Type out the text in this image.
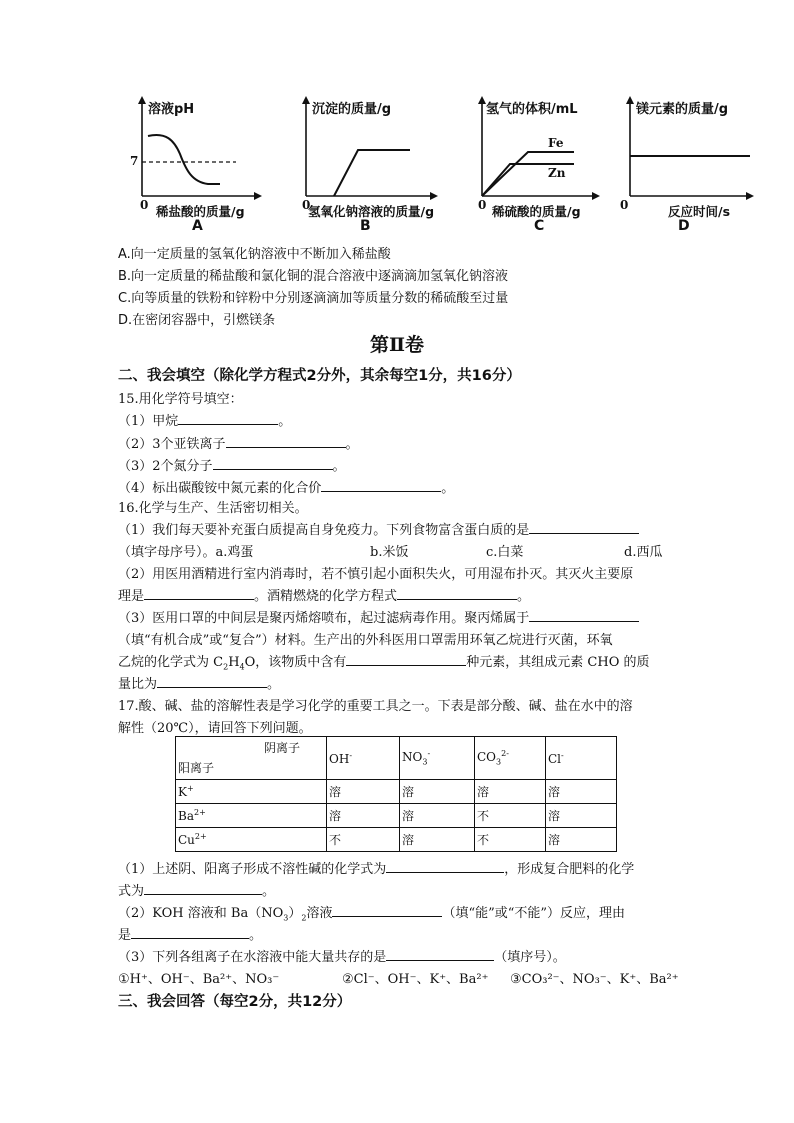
溶液pH
7
0 稀盐酸的质量/g
A
沉淀的质量/g
0
氢氧化钠溶液的质量/g
B
氢气的体积/mL
Fe
Zn
0 稀硫酸的质量/g
C
镁元素的质量/g
0	反应时间/s
D
A.向一定质量的氢氧化钠溶液中不断加入稀盐酸
B.向一定质量的稀盐酸和氯化铜的混合溶液中逐滴滴加氢氧化钠溶液
C.向等质量的铁粉和锌粉中分别逐滴滴加等质量分数的稀硫酸至过量
D.在密闭容器中，引燃镁条
第Ⅱ卷
二、我会填空（除化学方程式2分外，其余每空1分，共16分）
15.用化学符号填空：
（1）甲烷	。
（2）3个亚铁离子	。
（3）2个氮分子	。
（4）标出碳酸铵中氮元素的化合价	。
16.化学与生产、生活密切相关。
（1）我们每天要补充蛋白质提高自身免疫力。下列食物富含蛋白质的是
（填字母序号）。a.鸡蛋	b.米饭	c.白菜	d.西瓜
（2）用医用酒精进行室内消毒时，若不慎引起小面积失火，可用湿布扑灭。其灭火主要原
理是	。酒精燃烧的化学方程式	。
（3）医用口罩的中间层是聚丙烯熔喷布，起过滤病毒作用。聚丙烯属于
（填“有机合成”或“复合”）材料。生产出的外科医用口罩需用环氧乙烷进行灭菌，环氧
乙烷的化学式为 $C_2H_4O$，该物质中含有	种元素，其组成元素 CHO 的质
量比为	。
17.酸、碱、盐的溶解性表是学习化学的重要工具之一。下表是部分酸、碱、盐在水中的溶
解性（20℃），请回答下列问题。
阴离子
阳离子	OH-	$NO_3^-$	$CO_3^{2-}$	Cl-
K+	溶	溶	溶	溶
$Ba^{2+}$	溶	溶	不	溶
$Cu^{2+}$	不	溶	不	溶
（1）上述阴、阳离子形成不溶性碱的化学式为	，形成复合肥料的化学
式为	。
（2）KOH 溶液和 $Ba(NO_3)_2$溶液	（填“能”或“不能”）反应，理由
是	。
（3）下列各组离子在水溶液中能大量共存的是	（填序号）。
①H⁺、OH⁻、Ba²⁺、NO₃⁻	②Cl⁻、OH⁻、K⁺、Ba²⁺ ③CO₃²⁻、NO₃⁻、K⁺、Ba²⁺
三、我会回答（每空2分，共12分）
